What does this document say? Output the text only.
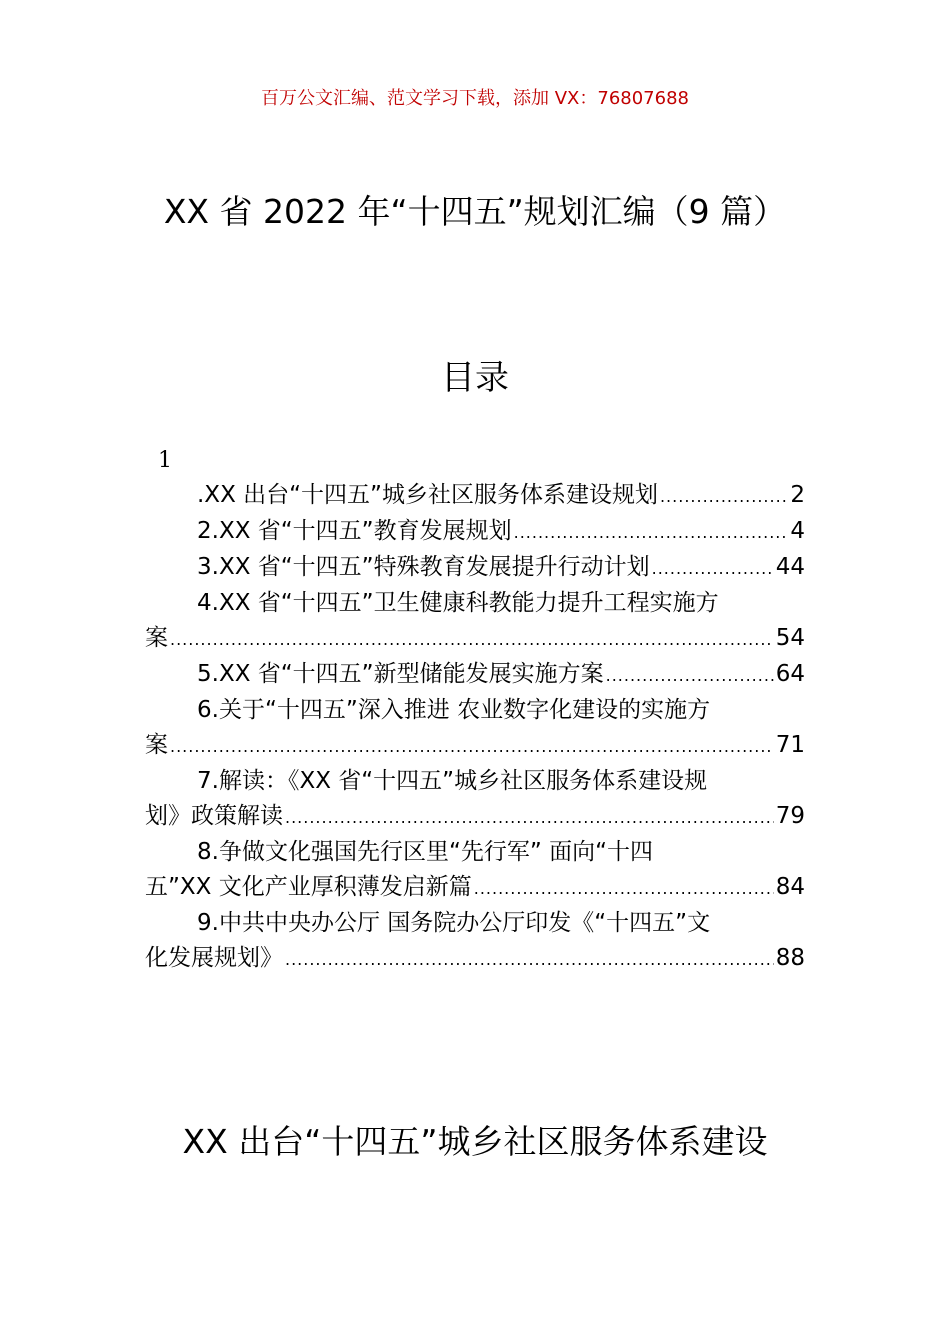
百万公文汇编、范文学习下载，添加 VX：76807688
XX 省 2022 年“十四五”规划汇编（9 篇）
目录
1
.XX 出台“十四五”城乡社区服务体系建设规划 .....	2
2.XX 省“十四五”教育发展规划 .....	4
3.XX 省“十四五”特殊教育发展提升行动计划 .....	44
4.XX 省“十四五”卫生健康科教能力提升工程实施方
案 .....	54
5.XX 省“十四五”新型储能发展实施方案 .....	64
6.关于“十四五”深入推进 农业数字化建设的实施方
案 .....	71
7.解读：《XX 省“十四五”城乡社区服务体系建设规
划》政策解读 .....	79
8.争做文化强国先行区里“先行军” 面向“十四
五”XX 文化产业厚积薄发启新篇 .....	84
9.中共中央办公厅 国务院办公厅印发《“十四五”文
化发展规划》 .....	88
XX 出台“十四五”城乡社区服务体系建设
